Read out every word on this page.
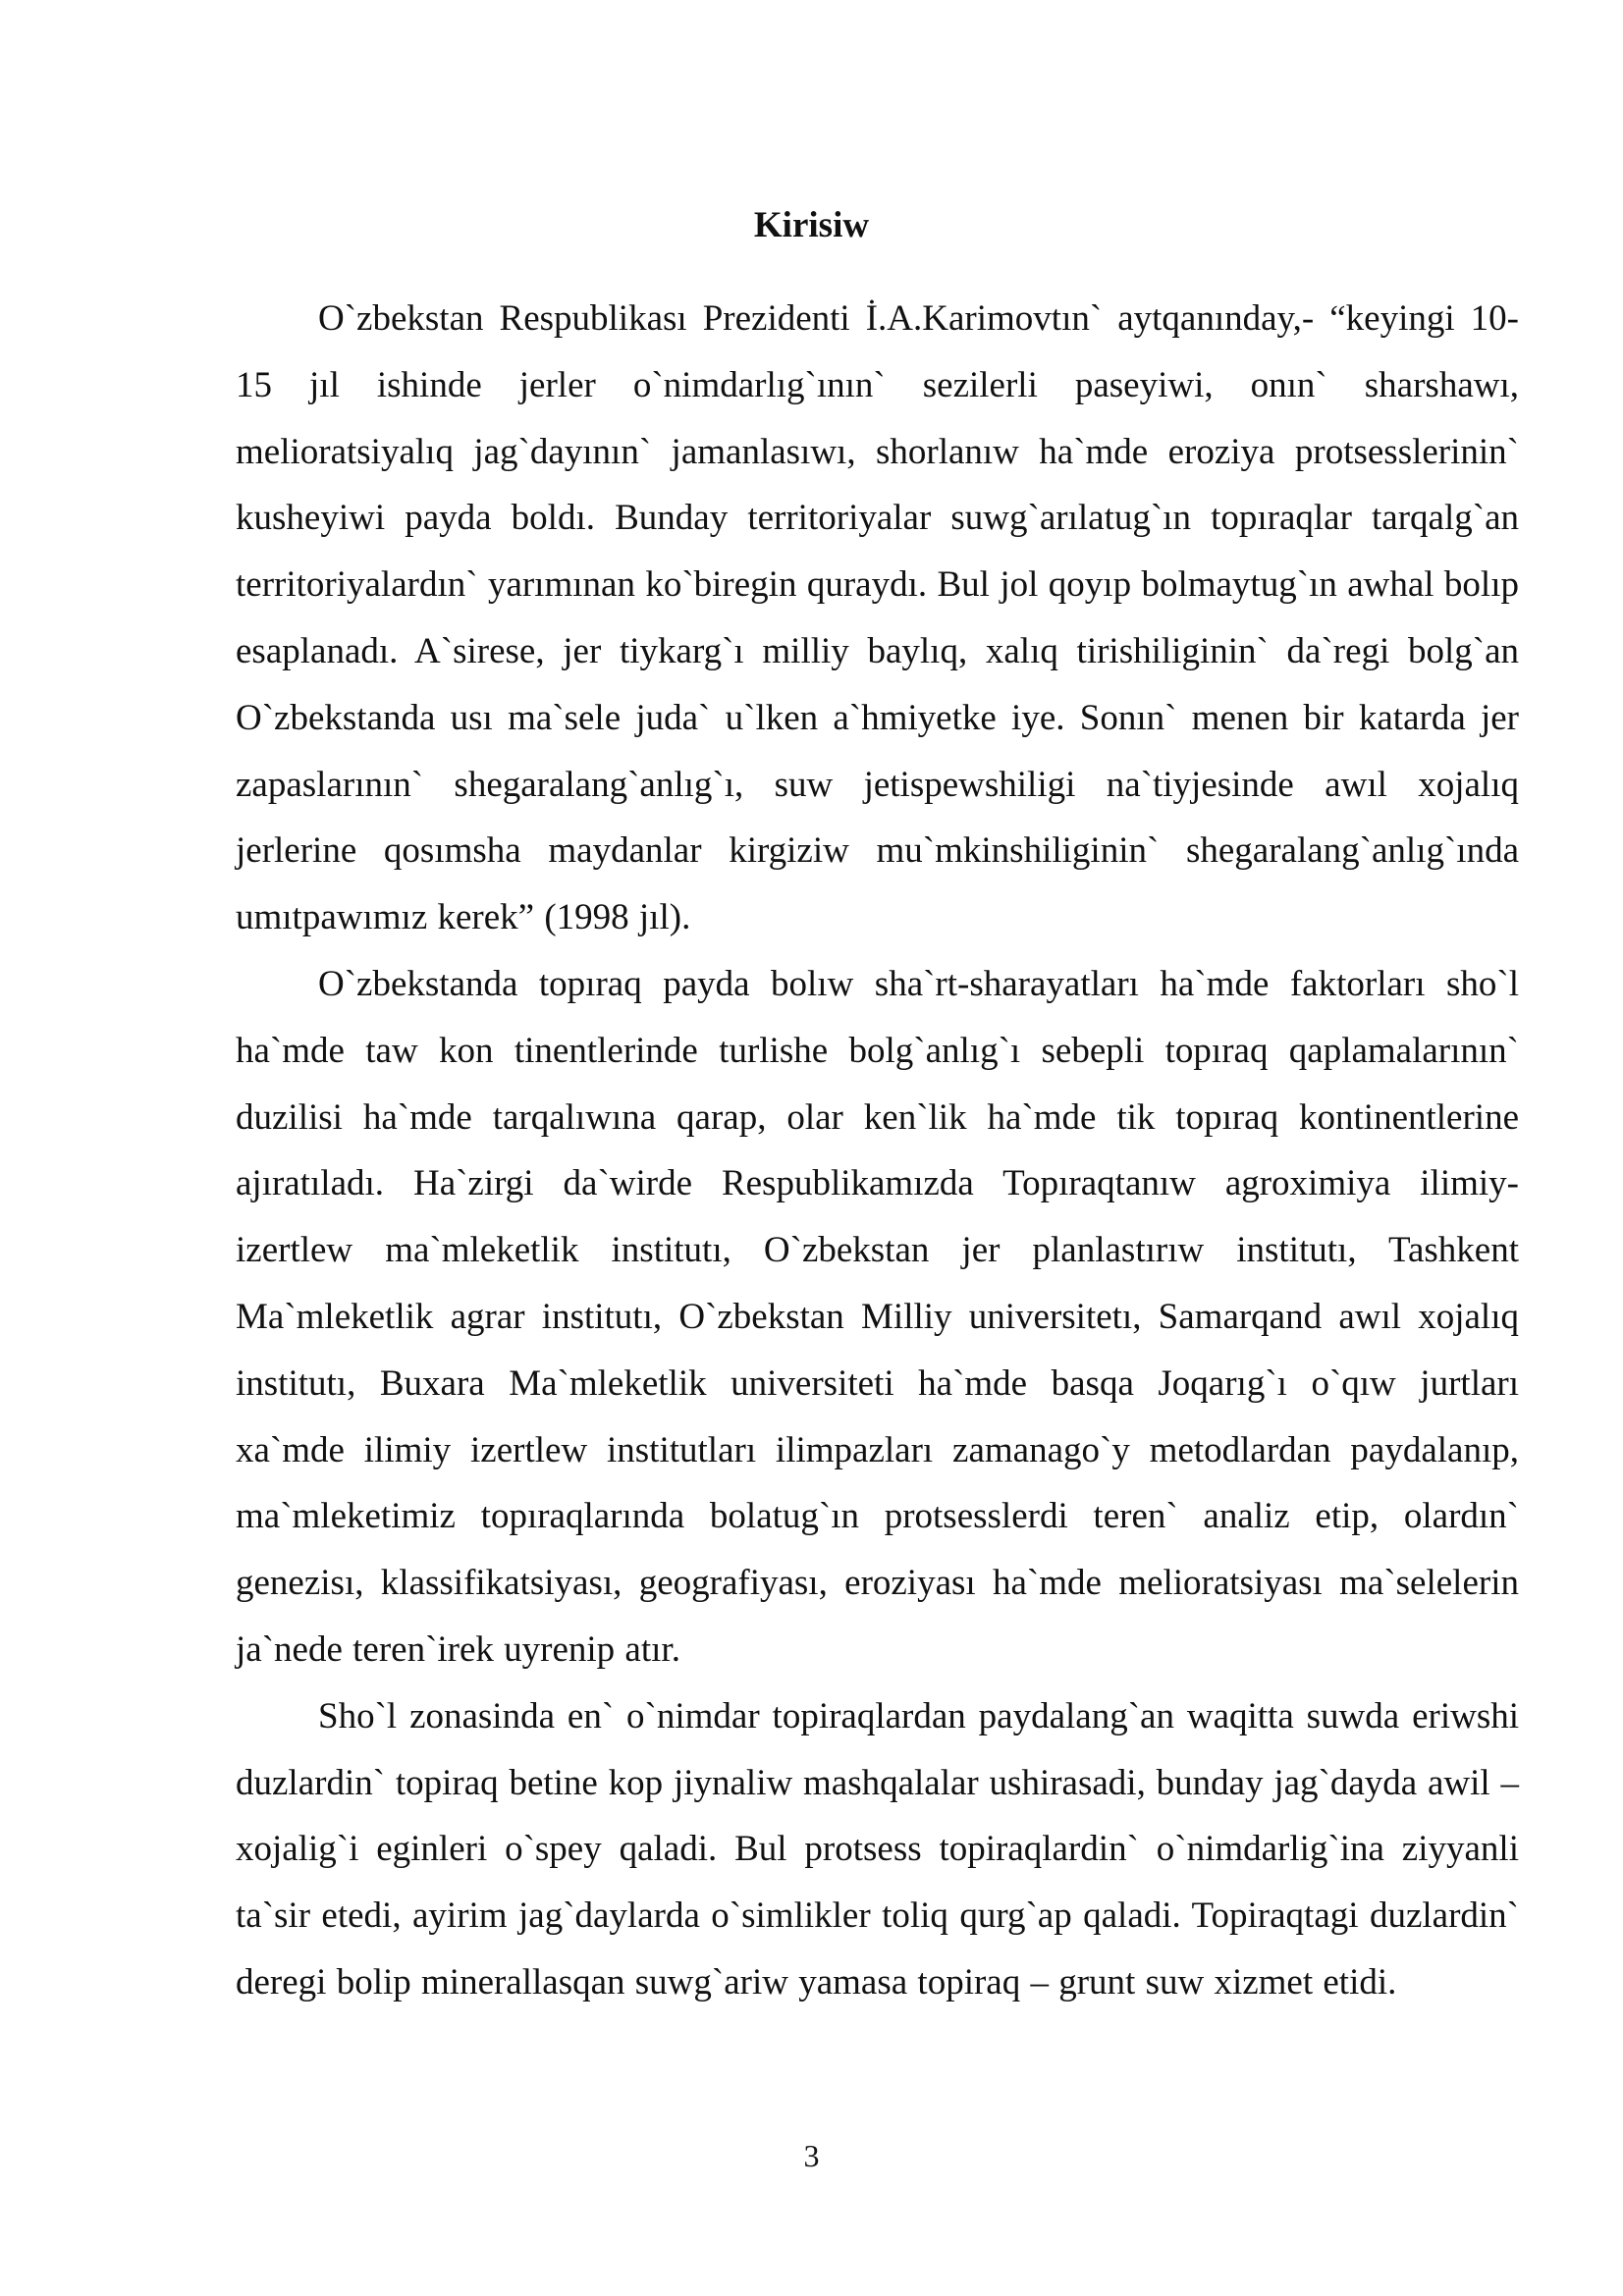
Kirisiw

O`zbekstan Respublikası Prezidenti İ.A.Karimovtın` aytqanınday,- “keyingi 10-15 jıl ishinde jerler o`nimdarlıg`ının` sezilerli paseyiwi, onın` sharshawı, melioratsiyalıq jag`dayının` jamanlasıwı, shorlanıw ha`mde eroziya protsesslerinin` kusheyiwi payda boldı. Bunday territoriyalar suwg`arılatug`ın topıraqlar tarqalg`an territoriyalardın` yarımınan ko`biregin quraydı. Bul jol qoyıp bolmaytug`ın awhal bolıp esaplanadı. A`sirese, jer tiykarg`ı milliy baylıq, xalıq tirishiliginin` da`regi bolg`an O`zbekstanda usı ma`sele juda` u`lken a`hmiyetke iye. Sonın` menen bir katarda jer zapaslarının` shegaralang`anlıg`ı, suw jetispewshiligi na`tiyjesinde awıl xojalıq jerlerine qosımsha maydanlar kirgiziw mu`mkinshiliginin` shegaralang`anlıg`ında umıtpawımız kerek” (1998 jıl).

O`zbekstanda topıraq payda bolıw sha`rt-sharayatları ha`mde faktorları sho`l ha`mde taw kon tinentlerinde turlishe bolg`anlıg`ı sebepli topıraq qaplamalarının` duzilisi ha`mde tarqalıwına qarap, olar ken`lik ha`mde tik topıraq kontinentlerine ajıratıladı. Ha`zirgi da`wirde Respublikamızda Topıraqtanıw agroximiya ilimiy-izertlew ma`mleketlik institutı, O`zbekstan jer planlastırıw institutı, Tashkent Ma`mleketlik agrar institutı, O`zbekstan Milliy universitetı, Samarqand awıl xojalıq institutı, Buxara Ma`mleketlik universiteti ha`mde basqa Joqarıg`ı o`qıw jurtları xa`mde ilimiy izertlew institutları ilimpazları zamanago`y metodlardan paydalanıp, ma`mleketimiz topıraqlarında bolatug`ın protsesslerdi teren` analiz etip, olardın` genezisı, klassifikatsiyası, geografiyası, eroziyası ha`mde melioratsiyası ma`selelerin ja`nede teren`irek uyrenip atır.

Sho`l zonasinda en` o`nimdar topiraqlardan paydalang`an waqitta suwda eriwshi duzlardin` topiraq betine kop jiynaliw mashqalalar ushirasadi, bunday jag`dayda awil – xojalig`i eginleri o`spey qaladi. Bul protsess topiraqlardin` o`nimdarlig`ina ziyyanli ta`sir etedi, ayirim jag`daylarda o`simlikler toliq qurg`ap qaladi. Topiraqtagi duzlardin` deregi bolip minerallasqan suwg`ariw yamasa topiraq – grunt suw xizmet etidi.

3
